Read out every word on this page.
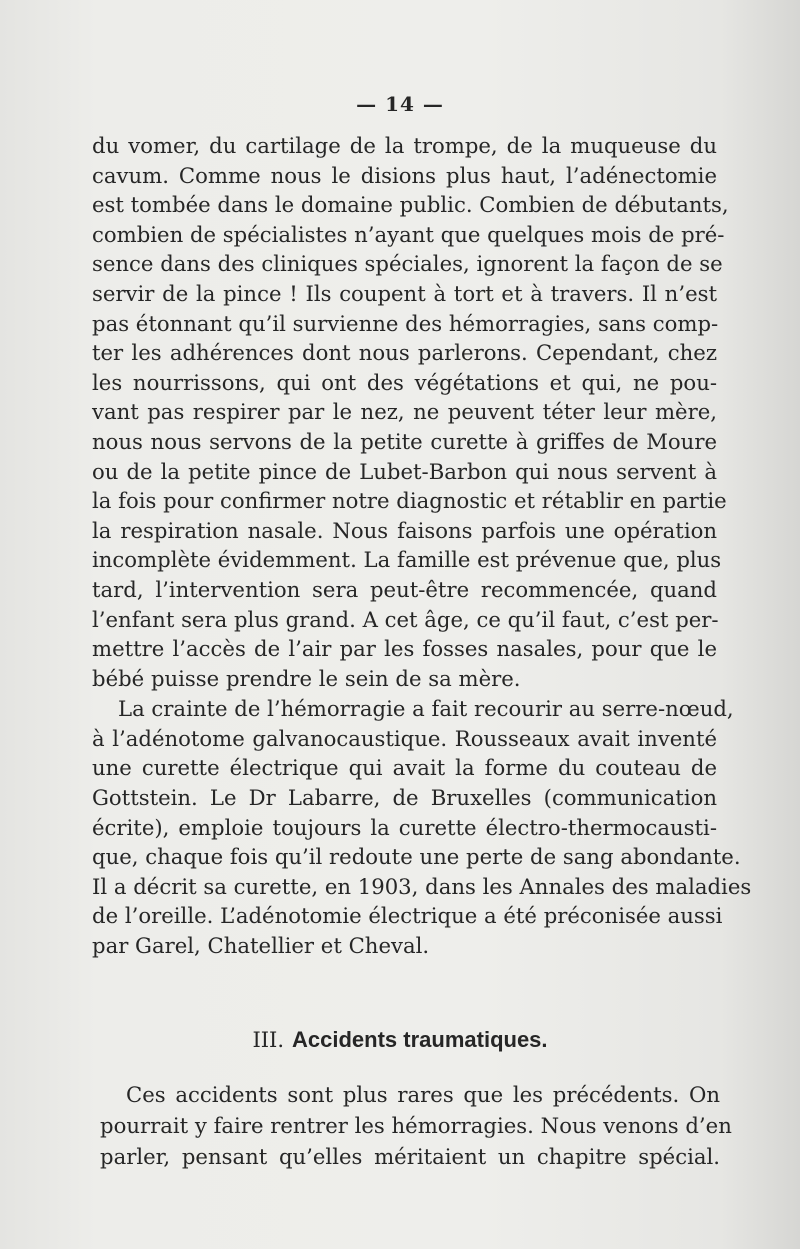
— 14 —
du vomer, du cartilage de la trompe, de la muqueuse du
cavum. Comme nous le disions plus haut, l’adénectomie
est tombée dans le domaine public. Combien de débutants,
combien de spécialistes n’ayant que quelques mois de pré-
sence dans des cliniques spéciales, ignorent la façon de se
servir de la pince ! Ils coupent à tort et à travers. Il n’est
pas étonnant qu’il survienne des hémorragies, sans comp-
ter les adhérences dont nous parlerons. Cependant, chez
les nourrissons, qui ont des végétations et qui, ne pou-
vant pas respirer par le nez, ne peuvent téter leur mère,
nous nous servons de la petite curette à griffes de Moure
ou de la petite pince de Lubet-Barbon qui nous servent à
la fois pour confirmer notre diagnostic et rétablir en partie
la respiration nasale. Nous faisons parfois une opération
incomplète évidemment. La famille est prévenue que, plus
tard, l’intervention sera peut-être recommencée, quand
l’enfant sera plus grand. A cet âge, ce qu’il faut, c’est per-
mettre l’accès de l’air par les fosses nasales, pour que le
bébé puisse prendre le sein de sa mère.
La crainte de l’hémorragie a fait recourir au serre-nœud,
à l’adénotome galvanocaustique. Rousseaux avait inventé
une curette électrique qui avait la forme du couteau de
Gottstein. Le Dr Labarre, de Bruxelles (communication
écrite), emploie toujours la curette électro-thermocausti-
que, chaque fois qu’il redoute une perte de sang abondante.
Il a décrit sa curette, en 1903, dans les Annales des maladies
de l’oreille. L’adénotomie électrique a été préconisée aussi
par Garel, Chatellier et Cheval.
III. Accidents traumatiques.
Ces accidents sont plus rares que les précédents. On
pourrait y faire rentrer les hémorragies. Nous venons d’en
parler, pensant qu’elles méritaient un chapitre spécial.
